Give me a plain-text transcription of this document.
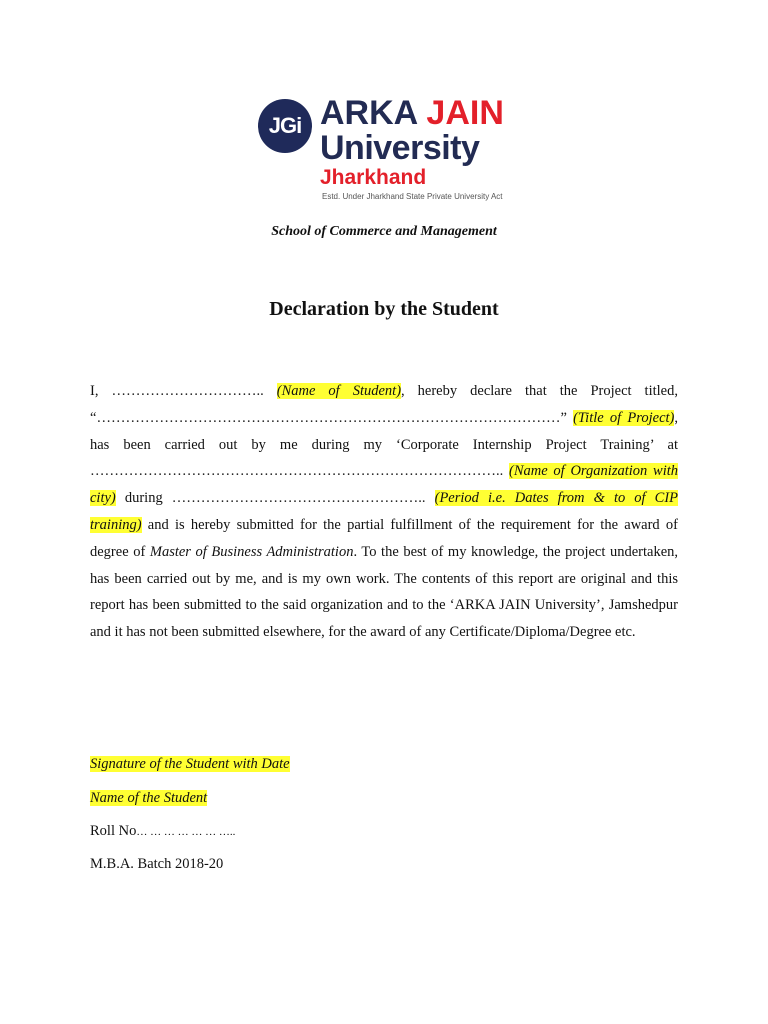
JGi ARKA JAIN
University
Jharkhand
Estd. Under Jharkhand State Private University Act
School of Commerce and Management
Declaration by the Student

I, ………………………….. (Name of Student), hereby declare that the Project titled, “……………………………………………………………………………………” (Title of Project), has been carried out by me during my ‘Corporate Internship Project Training’ at ………………………………………………………………………….. (Name of Organization with city) during …………………………………………….. (Period i.e. Dates from & to of CIP training) and is hereby submitted for the partial fulfillment of the requirement for the award of degree of Master of Business Administration. To the best of my knowledge, the project undertaken, has been carried out by me, and is my own work. The contents of this report are original and this report has been submitted to the said organization and to the ‘ARKA JAIN University’, Jamshedpur and it has not been submitted elsewhere, for the award of any Certificate/Diploma/Degree etc.

Signature of the Student with Date

Name of the Student

Roll No… … … … … … …..

M.B.A. Batch 2018-20
